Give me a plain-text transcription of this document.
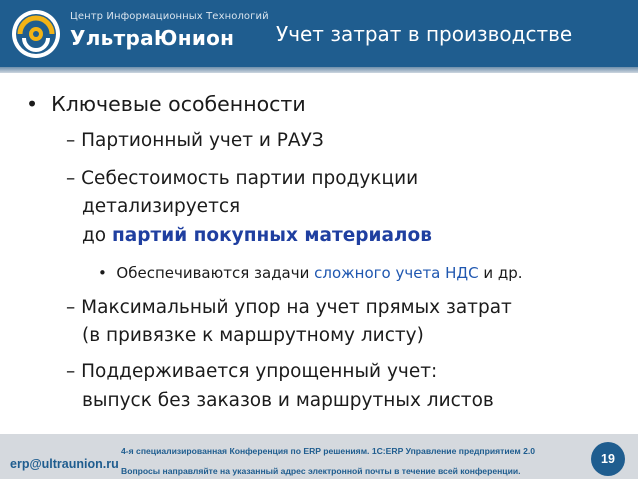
Центр Информационных Технологий
УльтраЮнион Учет затрат в производстве
• Ключевые особенности
– Партионный учет и РАУЗ
– Себестоимость партии продукции
детализируется
до партий покупных материалов
• Обеспечиваются задачи сложного учета НДС и др.
– Максимальный упор на учет прямых затрат
(в привязке к маршрутному листу)
– Поддерживается упрощенный учет:
выпуск без заказов и маршрутных листов
erp@ultraunion.ru
4-я специализированная Конференция по ERP решениям. 1С:ERP Управление предприятием 2.0
Вопросы направляйте на указанный адрес электронной почты в течение всей конференции.
19
